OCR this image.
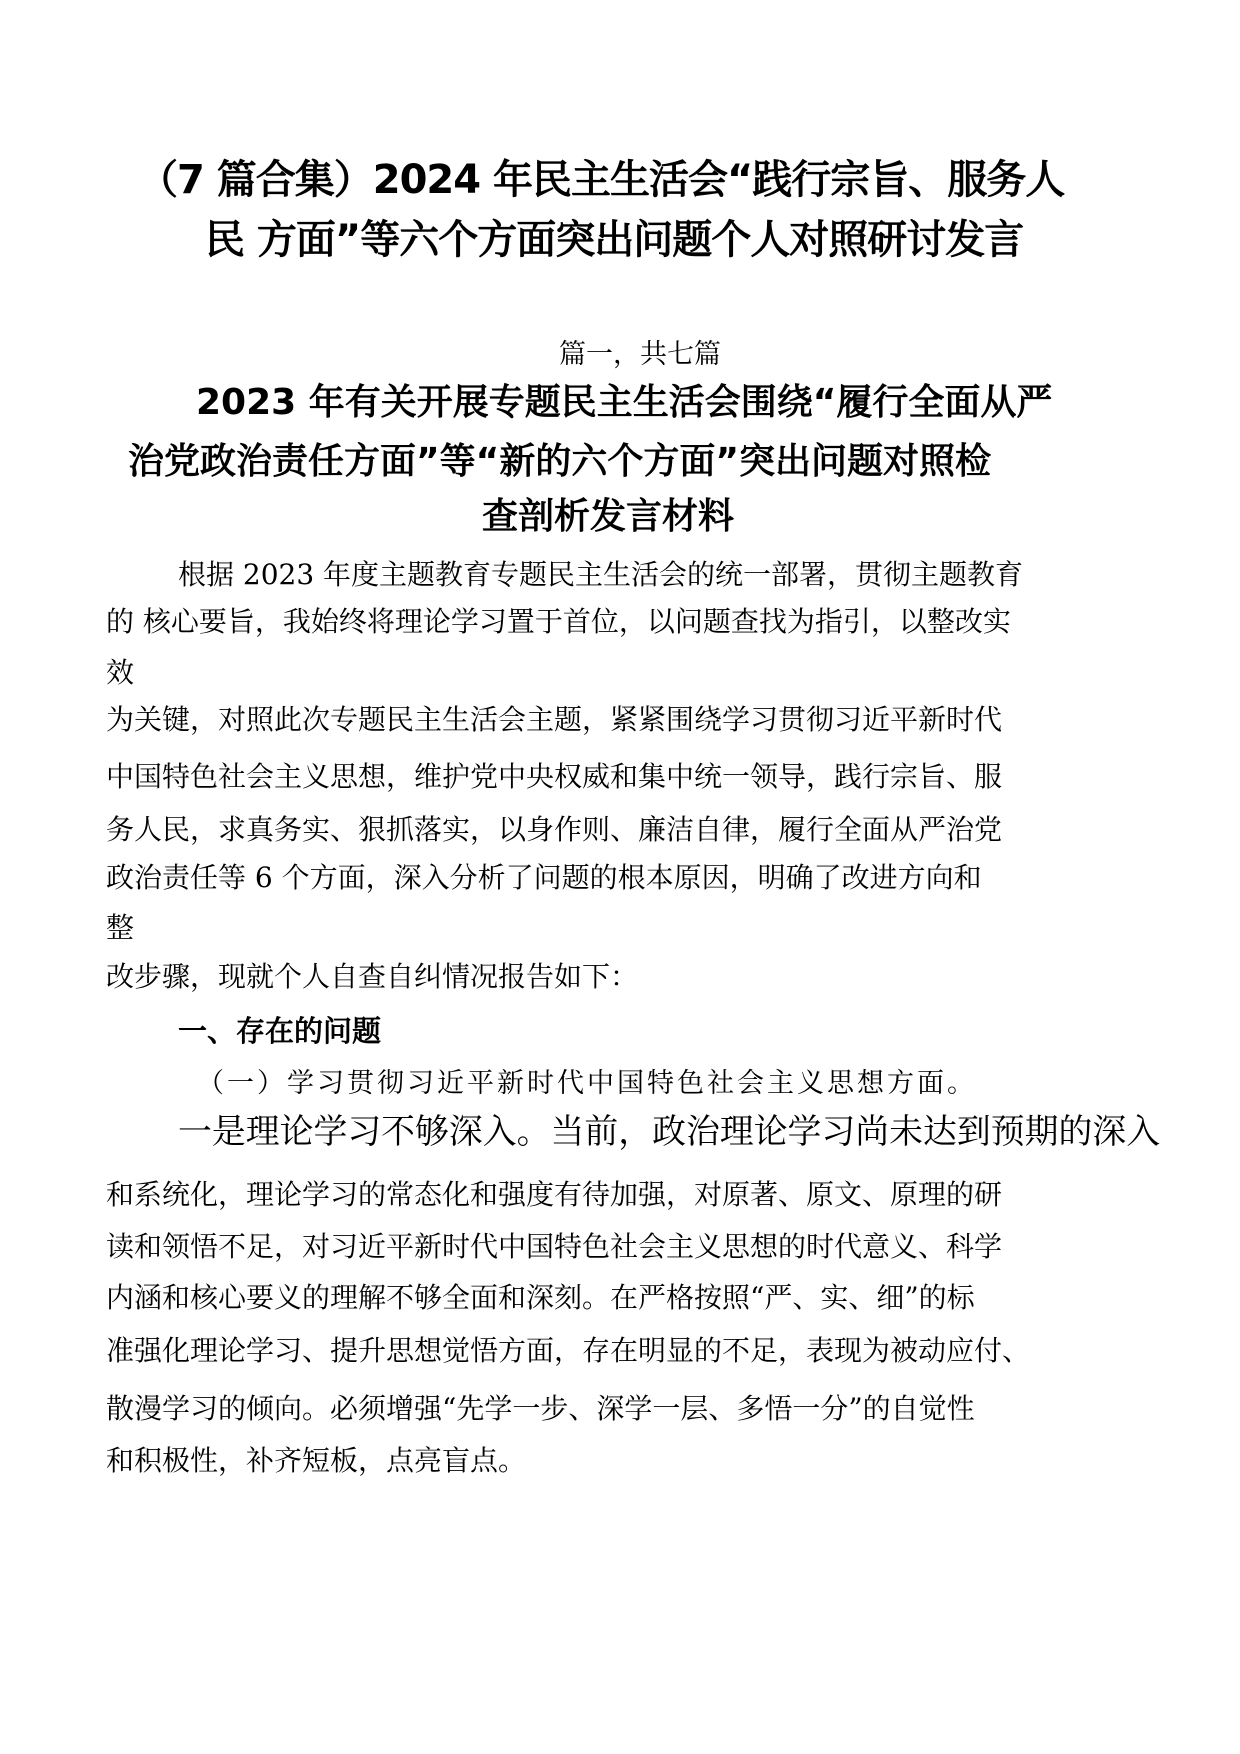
（7 篇合集）2024 年民主生活会“践行宗旨、服务人
民 方面”等六个方面突出问题个人对照研讨发言
篇一，共七篇
2023 年有关开展专题民主生活会围绕“履行全面从严
治党政治责任方面”等“新的六个方面”突出问题对照检
查剖析发言材料
根据 2023 年度主题教育专题民主生活会的统一部署，贯彻主题教育
的 核心要旨，我始终将理论学习置于首位，以问题查找为指引，以整改实
效
为关键，对照此次专题民主生活会主题，紧紧围绕学习贯彻习近平新时代
中国特色社会主义思想，维护党中央权威和集中统一领导，践行宗旨、服
务人民，求真务实、狠抓落实，以身作则、廉洁自律，履行全面从严治党
政治责任等 6 个方面，深入分析了问题的根本原因，明确了改进方向和
整
改步骤，现就个人自查自纠情况报告如下：
一、存在的问题
（一）学习贯彻习近平新时代中国特色社会主义思想方面。
一是理论学习不够深入。当前，政治理论学习尚未达到预期的深入
和系统化，理论学习的常态化和强度有待加强，对原著、原文、原理的研
读和领悟不足，对习近平新时代中国特色社会主义思想的时代意义、科学
内涵和核心要义的理解不够全面和深刻。在严格按照“严、实、细”的标
准强化理论学习、提升思想觉悟方面，存在明显的不足，表现为被动应付、
散漫学习的倾向。必须增强“先学一步、深学一层、多悟一分”的自觉性
和积极性，补齐短板，点亮盲点。
